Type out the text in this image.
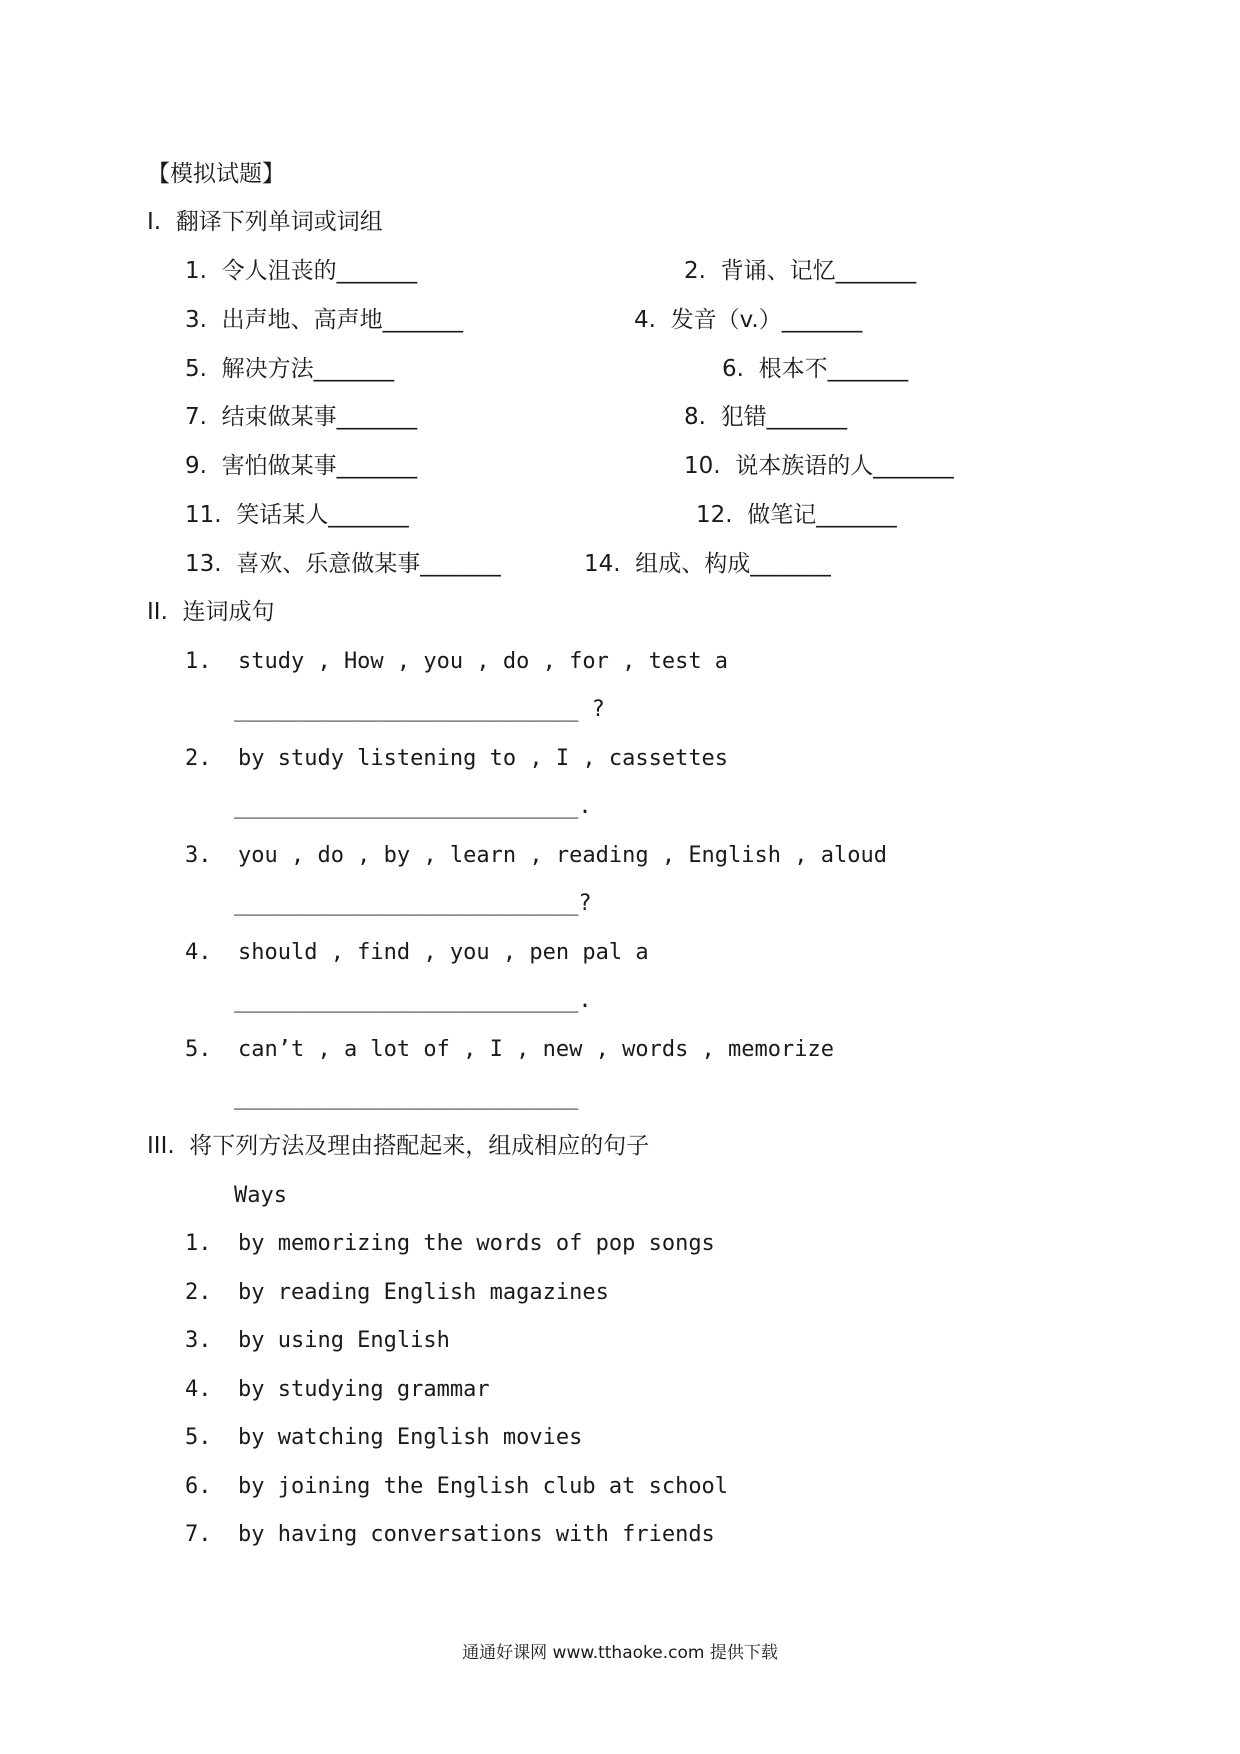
【模拟试题】
I.  翻译下列单词或词组
1.  令人沮丧的_______	2.  背诵、记忆_______
3.  出声地、高声地_______	4.  发音（v.）_______
5.  解决方法_______	6.  根本不_______
7.  结束做某事_______	8.  犯错_______
9.  害怕做某事_______	10.  说本族语的人_______
11.  笑话某人_______	12.  做笔记_______
13.  喜欢、乐意做某事_______	14.  组成、构成_______
II.  连词成句
1.  study , How , you , do , for , test a
__________________________ ?
2.  by study listening to , I , cassettes
__________________________.
3.  you , do , by , learn , reading , English , aloud
__________________________?
4.  should , find , you , pen pal a
__________________________.
5.  can’t , a lot of , I , new , words , memorize
__________________________
III.  将下列方法及理由搭配起来，组成相应的句子
Ways
1.  by memorizing the words of pop songs
2.  by reading English magazines
3.  by using English
4.  by studying grammar
5.  by watching English movies
6.  by joining the English club at school
7.  by having conversations with friends
通通好课网 www.tthaoke.com 提供下载
